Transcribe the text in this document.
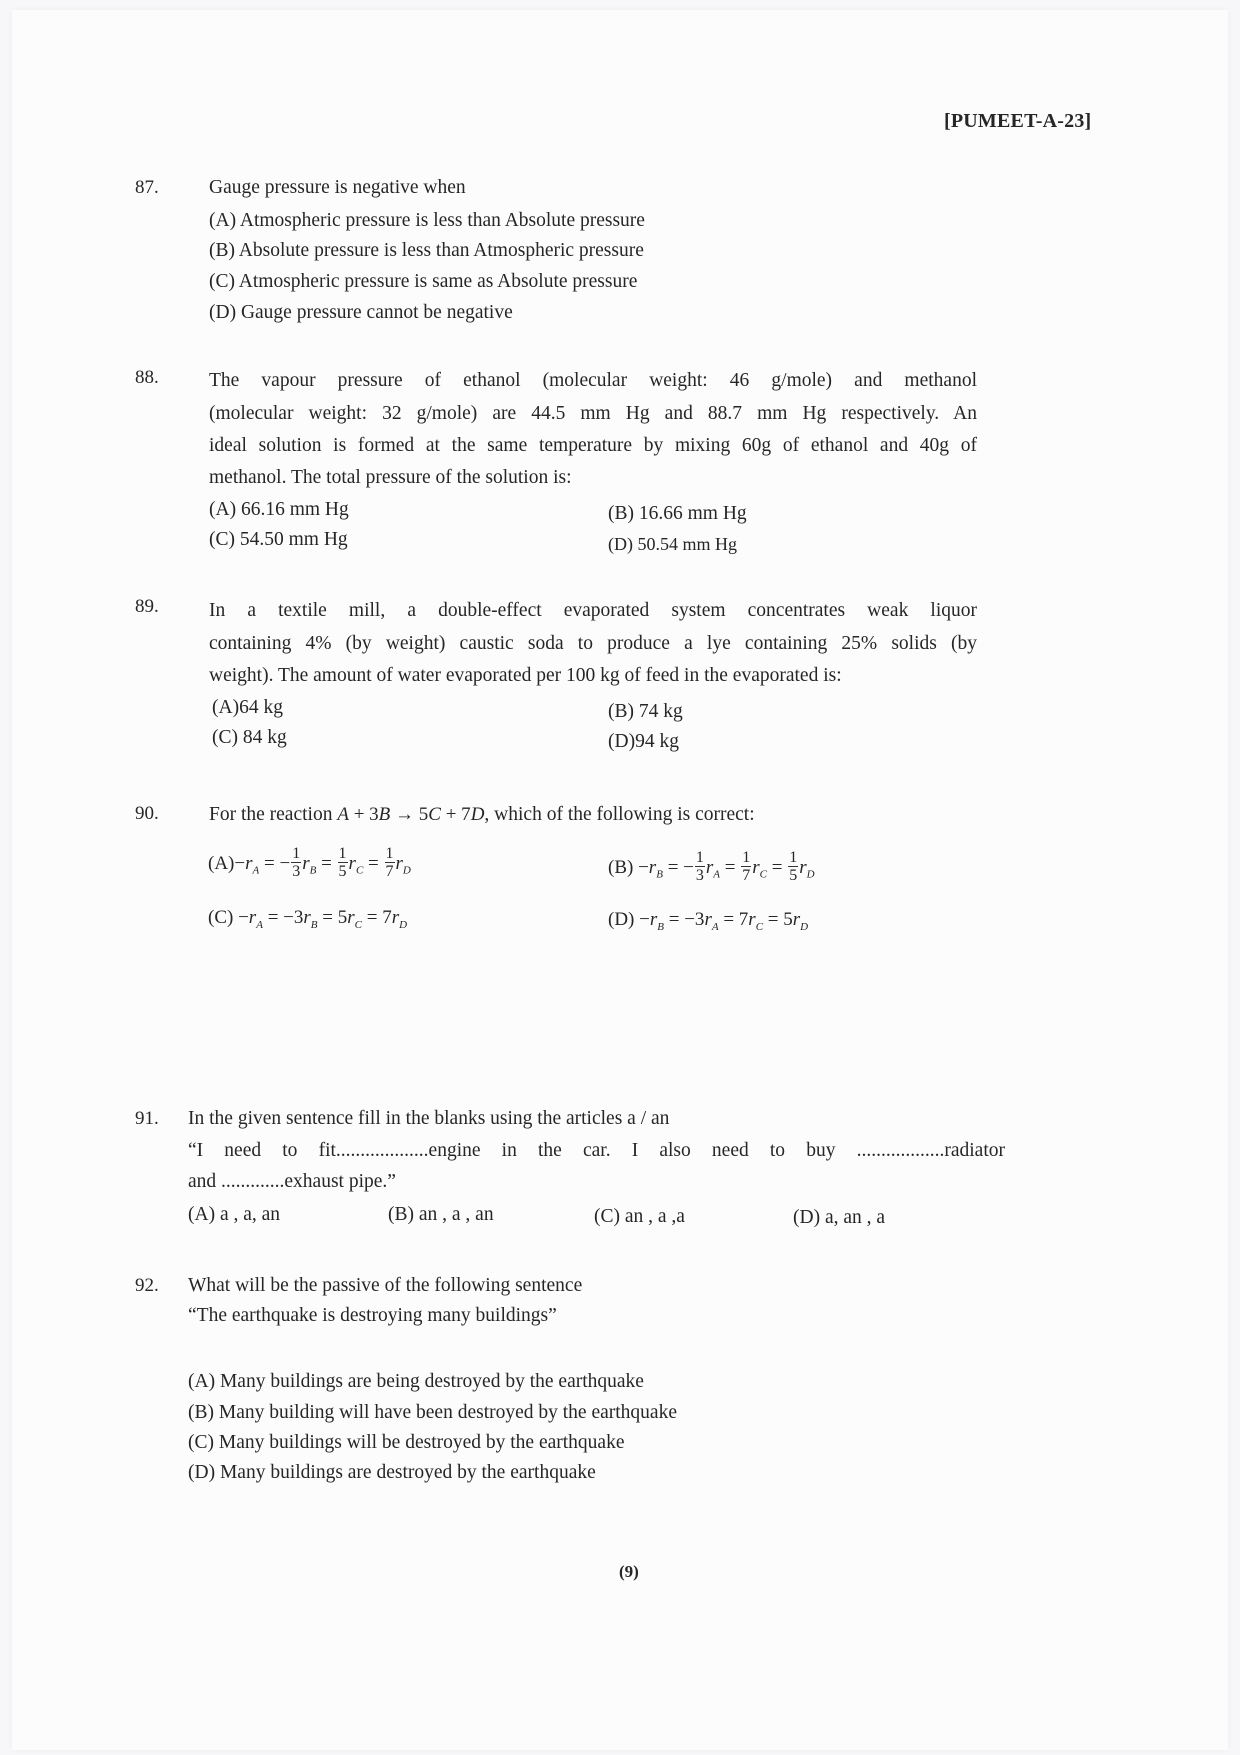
[PUMEET-A-23]
87.	Gauge pressure is negative when
(A) Atmospheric pressure is less than Absolute pressure
(B) Absolute pressure is less than Atmospheric pressure
(C) Atmospheric pressure is same as Absolute pressure
(D) Gauge pressure cannot be negative
88.	The vapour pressure of ethanol (molecular weight: 46 g/mole) and methanol
(molecular weight: 32 g/mole) are 44.5 mm Hg and 88.7 mm Hg respectively. An
ideal solution is formed at the same temperature by mixing 60g of ethanol and 40g of
methanol. The total pressure of the solution is:
(A) 66.16 mm Hg	(B) 16.66 mm Hg
(C) 54.50 mm Hg	(D) 50.54 mm Hg
89.	In a textile mill, a double-effect evaporated system concentrates weak liquor
containing 4% (by weight) caustic soda to produce a lye containing 25% solids (by
weight). The amount of water evaporated per 100 kg of feed in the evaporated is:
(A)64 kg	(B) 74 kg
(C) 84 kg	(D)94 kg
90.	For the reaction A + 3B → 5C + 7D, which of the following is correct:
$(A)-r_A$ = − $\frac{1}{3} r_B = \frac{1}{5} r_C = \frac{1}{7} r_D$	$(B) -r_B$ = − $\frac{1}{3} r_A = \frac{1}{7} r_C = \frac{1}{5} r_D$
$(C) -r_A = -3r_B = 5r_C = 7r_D$	$(D) -r_B = -3r_A = 7r_C = 5r_D$
91. In the given sentence fill in the blanks using the articles a / an
“I need to fit...................engine in the car. I also need to buy ..................radiator
and .............exhaust pipe.”
(A) a , a, an	(B) an , a , an	(C) an , a ,a	(D) a, an , a
92. What will be the passive of the following sentence
“The earthquake is destroying many buildings”
(A) Many buildings are being destroyed by the earthquake
(B) Many building will have been destroyed by the earthquake
(C) Many buildings will be destroyed by the earthquake
(D) Many buildings are destroyed by the earthquake
(9)
